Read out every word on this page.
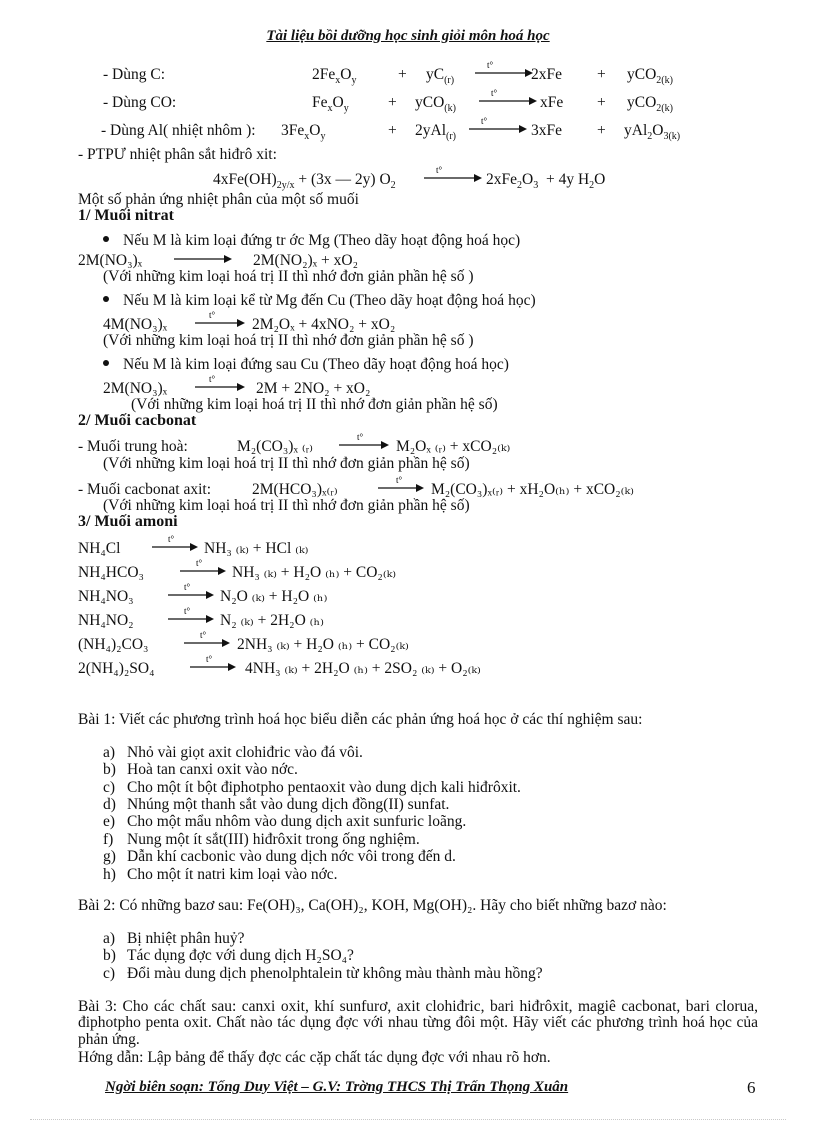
Tài liệu bồi dưỡng học sinh giỏi môn hoá học
- Dùng C:	$2Fe_xO_y$	+ $yC_{(r)}$
t°
2xFe + yCO$_{2(k)}$
- Dùng CO:	$Fe_xO_y$	+ yCO$_{(k)}$
t°
xFe + yCO$_{2(k)}$
- Dùng Al( nhiệt nhôm ): $3Fe_xO_y$	+ 2yAl$_{(r)}$
t°
$3xFe + yAl_2O_{3(k)}$
- PTPƯ nhiệt phân sắt hiđrô xit:
$4xFe(OH)_{2y/x} + (3x$ — 2y) $O_2$
t°
$2xFe_2O_3 + 4y$ $H_2O$
Một số phản ứng nhiệt phân của một số muối
1/ Muối nitrat
Nếu M là kim loại đứng tr ớc Mg (Theo dãy hoạt động hoá học)
2M(NO₃)ₓ	2M(NO₂)ₓ + xO₂
(Với những kim loại hoá trị II thì nhớ đơn giản phần hệ số )
Nếu M là kim loại kể từ Mg đến Cu (Theo dãy hoạt động hoá học)
4M(NO₃)ₓ
t°
2M₂Oₓ + 4xNO₂ + xO₂
(Với những kim loại hoá trị II thì nhớ đơn giản phần hệ số )
Nếu M là kim loại đứng sau Cu (Theo dãy hoạt động hoá học)
2M(NO₃)ₓ
t°
2M + 2NO₂ + xO₂
(Với những kim loại hoá trị II thì nhớ đơn giản phần hệ số)
2/ Muối cacbonat
- Muối trung hoà:	M₂(CO₃)ₓ ₍ᵣ₎
t°
M₂Oₓ ₍ᵣ₎ + xCO₂₍ₖ₎
(Với những kim loại hoá trị II thì nhớ đơn giản phần hệ số)
- Muối cacbonat axit:	2M(HCO₃)ₓ₍ᵣ₎
t°
M₂(CO₃)ₓ₍ᵣ₎ + xH₂O₍ₕ₎ + xCO₂₍ₖ₎
(Với những kim loại hoá trị II thì nhớ đơn giản phần hệ số)
3/ Muối amoni
NH₄Cl
t°
NH₃ ₍ₖ₎ + HCl ₍ₖ₎
NH₄HCO₃
t°
NH₃ ₍ₖ₎ + H₂O ₍ₕ₎ + CO₂₍ₖ₎
NH₄NO₃
t°
N₂O ₍ₖ₎ + H₂O ₍ₕ₎
NH₄NO₂
t°
N₂ ₍ₖ₎ + 2H₂O ₍ₕ₎
(NH₄)₂CO₃
t°
2NH₃ ₍ₖ₎ + H₂O ₍ₕ₎ + CO₂₍ₖ₎
2(NH₄)₂SO₄
t°
4NH₃ ₍ₖ₎ + 2H₂O ₍ₕ₎ + 2SO₂ ₍ₖ₎ + O₂₍ₖ₎
Bài 1: Viết các phương trình hoá học biểu diễn các phản ứng hoá học ở các thí nghiệm sau:
a) Nhỏ vài giọt axit clohiđric vào đá vôi.
b) Hoà tan canxi oxit vào nớc.
c) Cho một ít bột điphotpho pentaoxit vào dung dịch kali hiđrôxit.
d) Nhúng một thanh sắt vào dung dịch đồng(II) sunfat.
e) Cho một mẩu nhôm vào dung dịch axit sunfuric loãng.
f) Nung một ít sắt(III) hiđrôxit trong ống nghiệm.
g) Dẫn khí cacbonic vào dung dịch nớc vôi trong đến d.
h) Cho một ít natri kim loại vào nớc.
Bài 2: Có những bazơ sau: Fe(OH)₃, Ca(OH)₂, KOH, Mg(OH)₂. Hãy cho biết những bazơ nào:
a) Bị nhiệt phân huỷ?
b) Tác dụng đợc với dung dịch H₂SO₄?
c) Đổi màu dung dịch phenolphtalein từ không màu thành màu hồng?
Bài 3: Cho các chất sau: canxi oxit, khí sunfurơ, axit clohiđric, bari hiđrôxit, magiê cacbonat, bari clorua, điphotpho penta oxit. Chất nào tác dụng đợc với nhau từng đôi một. Hãy viết các phương trình hoá học của phản ứng.
Hớng dẫn: Lập bảng để thấy đợc các cặp chất tác dụng đợc với nhau rõ hơn.
Ngời biên soạn: Tống Duy Việt – G.V: Trờng THCS Thị Trấn Thọng Xuân	6
